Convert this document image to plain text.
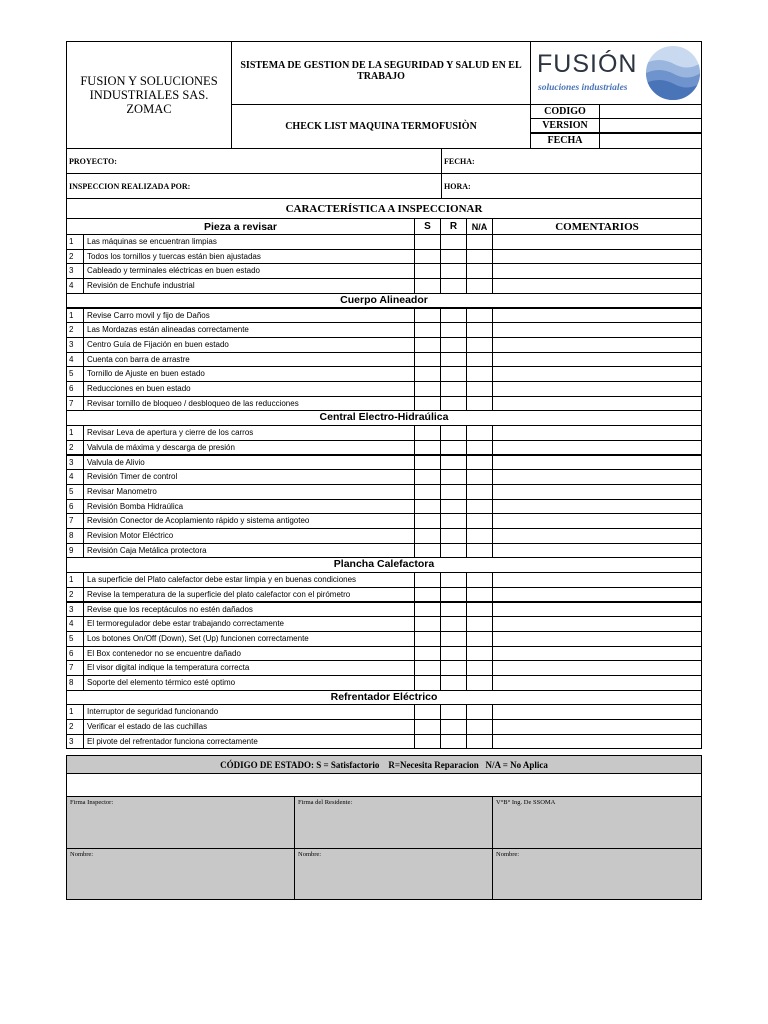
FUSION Y SOLUCIONES INDUSTRIALES SAS. ZOMAC
SISTEMA DE GESTION DE LA SEGURIDAD Y SALUD EN EL TRABAJO
CHECK LIST MAQUINA TERMOFUSIÒN
FUSIÓN
soluciones industriales
CODIGO
VERSION
FECHA
PROYECTO:	FECHA:
INSPECCION REALIZADA POR:	HORA:
CARACTERÍSTICA A INSPECCIONAR
Pieza a revisar	S	R	N/A	COMENTARIOS
1	Las máquinas se encuentran limpias
2	Todos los tornillos y tuercas están bien ajustadas
3	Cableado y terminales eléctricas en buen estado
4	Revisión de Enchufe industrial
Cuerpo Alineador
1	Revise Carro movil y fijo de Daños
2	Las Mordazas están alineadas correctamente
3	Centro Guía de Fijación en buen estado
4	Cuenta con barra de arrastre
5	Tornillo de Ajuste en buen estado
6	Reducciones en buen estado
7	Revisar tornillo de bloqueo / desbloqueo de las reducciones
Central Electro-Hidraúlica
1	Revisar Leva de apertura y cierre de los carros
2	Valvula de máxima y descarga de presión
3	Valvula de Alivio
4	Revisión Timer de control
5	Revisar Manometro
6	Revisión Bomba Hidraúlica
7	Revisión Conector de Acoplamiento rápido y sistema antigoteo
8	Revision Motor Eléctrico
9	Revisión Caja Metálica protectora
Plancha Calefactora
1	La superficie del Plato calefactor debe estar limpia y en buenas condiciones
2	Revise la temperatura de la superficie del plato calefactor con el pirómetro
3	Revise que los receptáculos no estén dañados
4	El termoregulador debe estar trabajando correctamente
5	Los botones On/Off (Down), Set (Up) funcionen correctamente
6	El Box contenedor no se encuentre dañado
7	El visor digital indique la temperatura correcta
8	Soporte del elemento térmico esté optimo
Refrentador Eléctrico
1	Interruptor de seguridad funcionando
2	Verificar el estado de las cuchillas
3	El pivote del refrentador funciona correctamente
CÓDIGO DE ESTADO: S = Satisfactorio    R=Necesita Reparacion   N/A = No Aplica
Firma Inspector:	Firma del Residente:	V°B° Ing. De SSOMA
Nombre:	Nombre:	Nombre:
